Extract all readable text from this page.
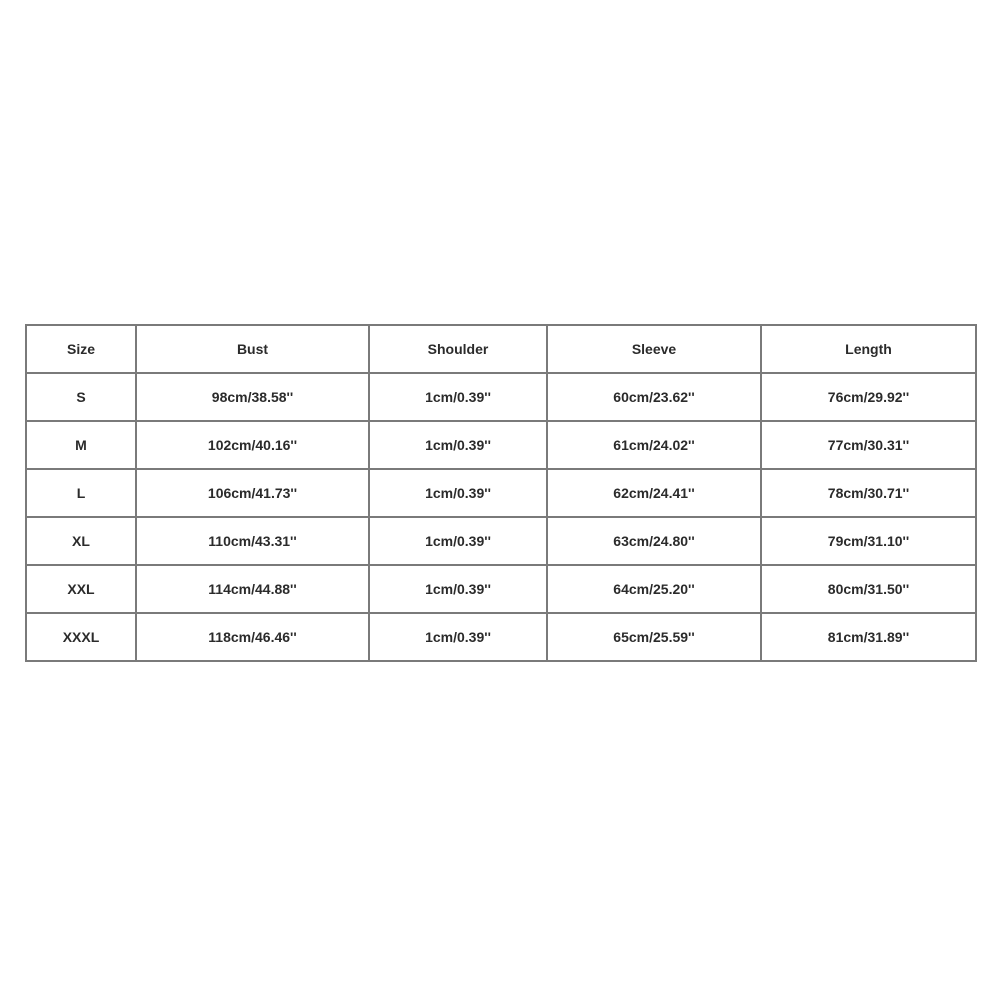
Size	Bust	Shoulder	Sleeve	Length
S	98cm/38.58''	1cm/0.39''	60cm/23.62''	76cm/29.92''
M	102cm/40.16''	1cm/0.39''	61cm/24.02''	77cm/30.31''
L	106cm/41.73''	1cm/0.39''	62cm/24.41''	78cm/30.71''
XL	110cm/43.31''	1cm/0.39''	63cm/24.80''	79cm/31.10''
XXL	114cm/44.88''	1cm/0.39''	64cm/25.20''	80cm/31.50''
XXXL	118cm/46.46''	1cm/0.39''	65cm/25.59''	81cm/31.89''
